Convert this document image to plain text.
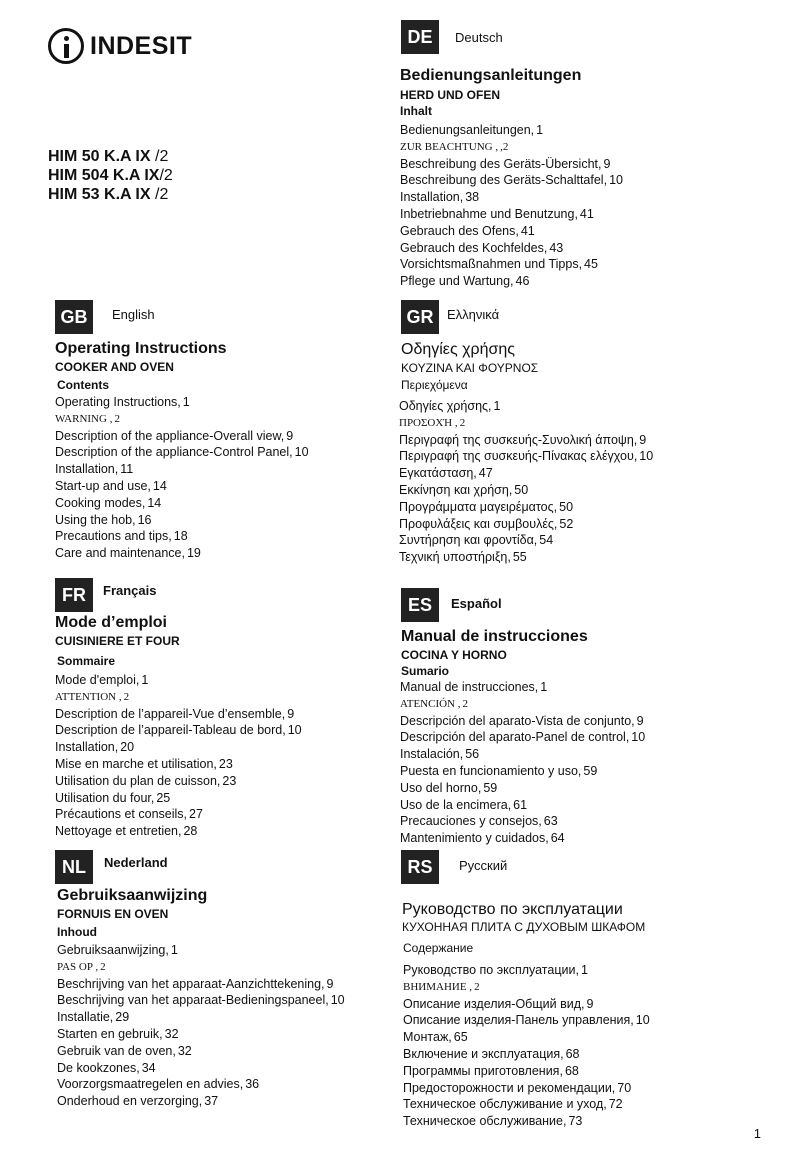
INDESIT
HIM 50 K.A IX /2
HIM 504 K.A IX/2
HIM 53 K.A IX /2
DE	Deutsch
Bedienungsanleitungen
HERD UND OFEN
Inhalt
Bedienungsanleitungen, 1
ZUR BEACHTUNG , ,2
Beschreibung des Geräts-Übersicht, 9
Beschreibung des Geräts-Schalttafel, 10
Installation, 38
Inbetriebnahme und Benutzung, 41
Gebrauch des Ofens, 41
Gebrauch des Kochfeldes, 43
Vorsichtsmaßnahmen und Tipps, 45
Pflege und Wartung, 46
GB	English
Operating Instructions
COOKER AND OVEN
Contents
Operating Instructions, 1
WARNING , 2
Description of the appliance-Overall view, 9
Description of the appliance-Control Panel, 10
Installation, 11
Start-up and use, 14
Cooking modes, 14
Using the hob, 16
Precautions and tips, 18
Care and maintenance, 19
GR	Ελληνικά
Οδηγίες χρήσης
ΚΟΥΖΙΝΑ ΚΑΙ ΦΟΥΡΝΟΣ
Περιεχόμενα
Οδηγίες χρήσης, 1
ΠΡΟΣΟΧΉ , 2
Περιγραφή της συσκευής-Συνολική άποψη, 9
Περιγραφή της συσκευής-Πίνακας ελέγχου, 10
Εγκατάσταση, 47
Εκκίνηση και χρήση, 50
Προγράμματα μαγειρέματος, 50
Προφυλάξεις και συμβουλές, 52
Συντήρηση και φροντίδα, 54
Τεχνική υποστήριξη, 55
FR	Français
Mode d’emploi
CUISINIERE ET FOUR
Sommaire
Mode d'emploi, 1
ATTENTION , 2
Description de l’appareil-Vue d’ensemble, 9
Description de l’appareil-Tableau de bord, 10
Installation, 20
Mise en marche et utilisation, 23
Utilisation du plan de cuisson, 23
Utilisation du four, 25
Précautions et conseils, 27
Nettoyage et entretien, 28
ES	Español
Manual de instrucciones
COCINA Y HORNO
Sumario
Manual de instrucciones, 1
ATENCIÓN , 2
Descripción del aparato-Vista de conjunto, 9
Descripción del aparato-Panel de control, 10
Instalación, 56
Puesta en funcionamiento y uso, 59
Uso del horno, 59
Uso de la encimera, 61
Precauciones y consejos, 63
Mantenimiento y cuidados, 64
NL	Nederland
Gebruiksaanwijzing
FORNUIS EN OVEN
Inhoud
Gebruiksaanwijzing, 1
PAS OP , 2
Beschrijving van het apparaat-Aanzichttekening, 9
Beschrijving van het apparaat-Bedieningspaneel, 10
Installatie, 29
Starten en gebruik, 32
Gebruik van de oven, 32
De kookzones, 34
Voorzorgsmaatregelen en advies, 36
Onderhoud en verzorging, 37
RS	Русский
Руководство по эксплуатации
КУХОННАЯ ПЛИТА С ДУХОВЫМ ШКАФОМ
Содержание
Руководство по эксплуатации, 1
ВНИМАНИЕ , 2
Описание изделия-Общий вид, 9
Описание изделия-Панель управления, 10
Монтаж, 65
Включение и эксплуатация, 68
Программы приготовления, 68
Предосторожности и рекомендации, 70
Техническое обслуживание и уход, 72
Техническое обслуживание, 73
1
